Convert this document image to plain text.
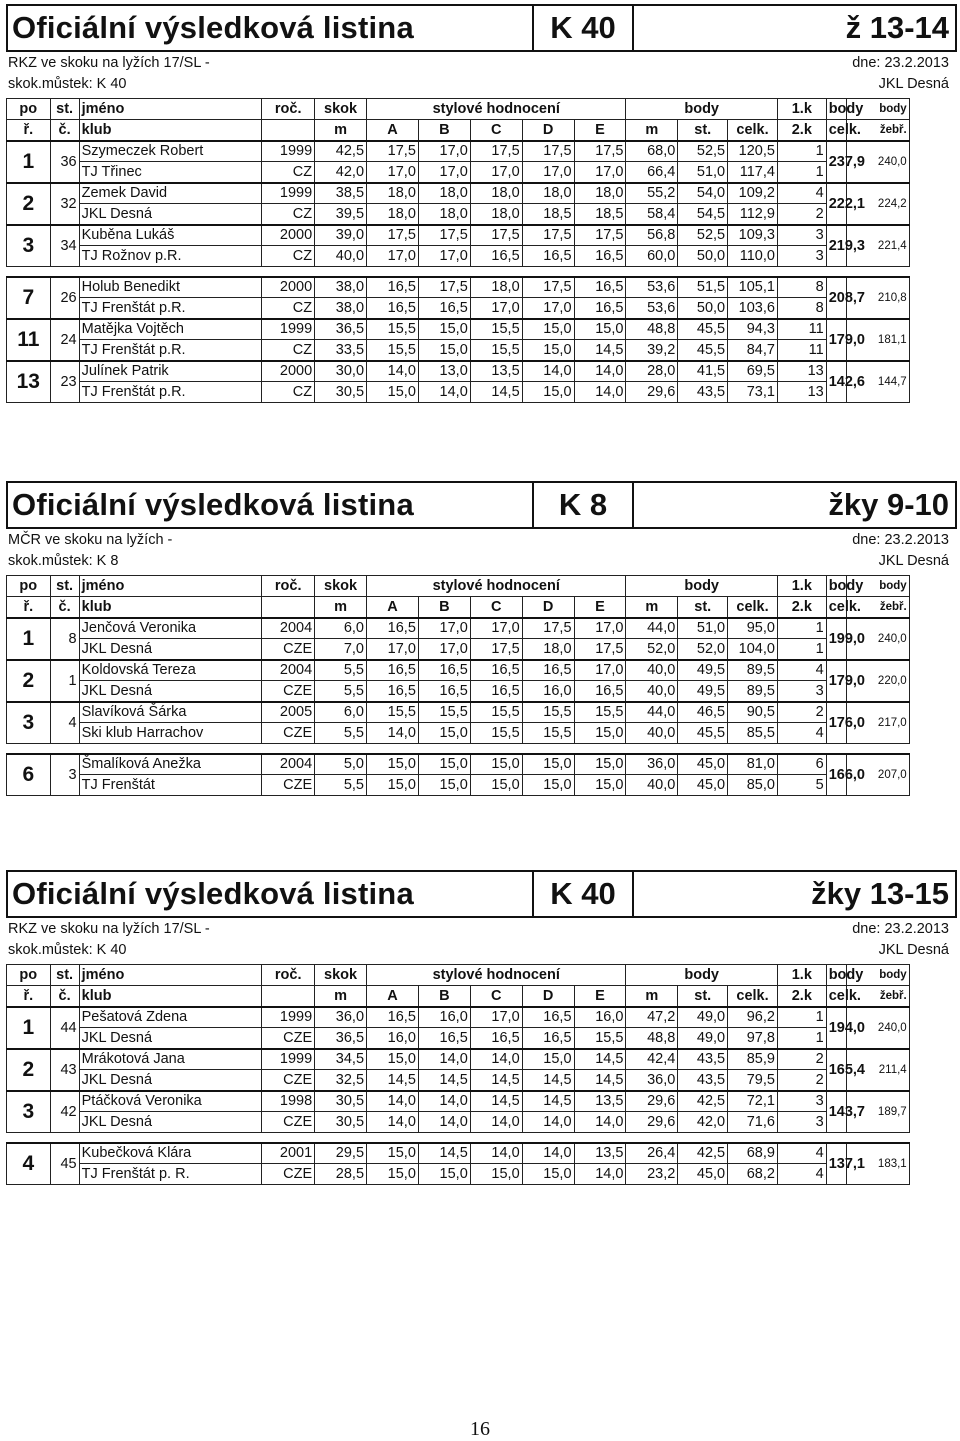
Oficiální výsledková listina	K 40	ž 13-14
RKZ ve skoku na lyžích 17/SL -
skok.můstek: K 40
dne: 23.2.2013
JKL Desná
po	st.	jméno	roč.	skok	stylové hodnocení					body			1.k	body	body
ř.	č.	klub		m	A	B	C	D	E	m	st.	celk.	2.k	celk.	žebř.
1	36	Szymeczek Robert	1999	42,5	17,5	17,0	17,5	17,5	17,5	68,0	52,5	120,5	1	237,9	240,0
		TJ Třinec	CZ	42,0	17,0	17,0	17,0	17,0	17,0	66,4	51,0	117,4	1		
2	32	Zemek David	1999	38,5	18,0	18,0	18,0	18,0	18,0	55,2	54,0	109,2	4	222,1	224,2
		JKL Desná	CZ	39,5	18,0	18,0	18,0	18,5	18,5	58,4	54,5	112,9	2		
3	34	Kuběna Lukáš	2000	39,0	17,5	17,5	17,5	17,5	17,5	56,8	52,5	109,3	3	219,3	221,4
		TJ Rožnov p.R.	CZ	40,0	17,0	17,0	16,5	16,5	16,5	60,0	50,0	110,0	3		

7	26	Holub Benedikt	2000	38,0	16,5	17,5	18,0	17,5	16,5	53,6	51,5	105,1	8	208,7	210,8
		TJ Frenštát p.R.	CZ	38,0	16,5	16,5	17,0	17,0	16,5	53,6	50,0	103,6	8		
11	24	Matějka Vojtěch	1999	36,5	15,5	15,0	15,5	15,0	15,0	48,8	45,5	94,3	11	179,0	181,1
		TJ Frenštát p.R.	CZ	33,5	15,5	15,0	15,5	15,0	14,5	39,2	45,5	84,7	11		
13	23	Julínek Patrik	2000	30,0	14,0	13,0	13,5	14,0	14,0	28,0	41,5	69,5	13	142,6	144,7
		TJ Frenštát p.R.	CZ	30,5	15,0	14,0	14,5	15,0	14,0	29,6	43,5	73,1	13		
Oficiální výsledková listina	K 8	žky 9-10
MČR ve skoku na lyžích -
skok.můstek: K 8
dne: 23.2.2013
JKL Desná
po	st.	jméno	roč.	skok	stylové hodnocení					body			1.k	body	body
ř.	č.	klub		m	A	B	C	D	E	m	st.	celk.	2.k	celk.	žebř.
1	8	Jenčová Veronika	2004	6,0	16,5	17,0	17,0	17,5	17,0	44,0	51,0	95,0	1	199,0	240,0
		JKL Desná	CZE	7,0	17,0	17,0	17,5	18,0	17,5	52,0	52,0	104,0	1		
2	1	Koldovská Tereza	2004	5,5	16,5	16,5	16,5	16,5	17,0	40,0	49,5	89,5	4	179,0	220,0
		JKL Desná	CZE	5,5	16,5	16,5	16,5	16,0	16,5	40,0	49,5	89,5	3		
3	4	Slavíková Šárka	2005	6,0	15,5	15,5	15,5	15,5	15,5	44,0	46,5	90,5	2	176,0	217,0
		Ski klub Harrachov	CZE	5,5	14,0	15,0	15,5	15,5	15,0	40,0	45,5	85,5	4		

6	3	Šmalíková Anežka	2004	5,0	15,0	15,0	15,0	15,0	15,0	36,0	45,0	81,0	6	166,0	207,0
		TJ Frenštát	CZE	5,5	15,0	15,0	15,0	15,0	15,0	40,0	45,0	85,0	5		
Oficiální výsledková listina	K 40	žky 13-15
RKZ ve skoku na lyžích 17/SL -
skok.můstek: K 40
dne: 23.2.2013
JKL Desná
po	st.	jméno	roč.	skok	stylové hodnocení					body			1.k	body	body
ř.	č.	klub		m	A	B	C	D	E	m	st.	celk.	2.k	celk.	žebř.
1	44	Pešatová Zdena	1999	36,0	16,5	16,0	17,0	16,5	16,0	47,2	49,0	96,2	1	194,0	240,0
		JKL Desná	CZE	36,5	16,0	16,5	16,5	16,5	15,5	48,8	49,0	97,8	1		
2	43	Mrákotová Jana	1999	34,5	15,0	14,0	14,0	15,0	14,5	42,4	43,5	85,9	2	165,4	211,4
		JKL Desná	CZE	32,5	14,5	14,5	14,5	14,5	14,5	36,0	43,5	79,5	2		
3	42	Ptáčková Veronika	1998	30,5	14,0	14,0	14,5	14,5	13,5	29,6	42,5	72,1	3	143,7	189,7
		JKL Desná	CZE	30,5	14,0	14,0	14,0	14,0	14,0	29,6	42,0	71,6	3		

4	45	Kubečková Klára	2001	29,5	15,0	14,5	14,0	14,0	13,5	26,4	42,5	68,9	4	137,1	183,1
		TJ Frenštát p. R.	CZE	28,5	15,0	15,0	15,0	15,0	14,0	23,2	45,0	68,2	4		
16
